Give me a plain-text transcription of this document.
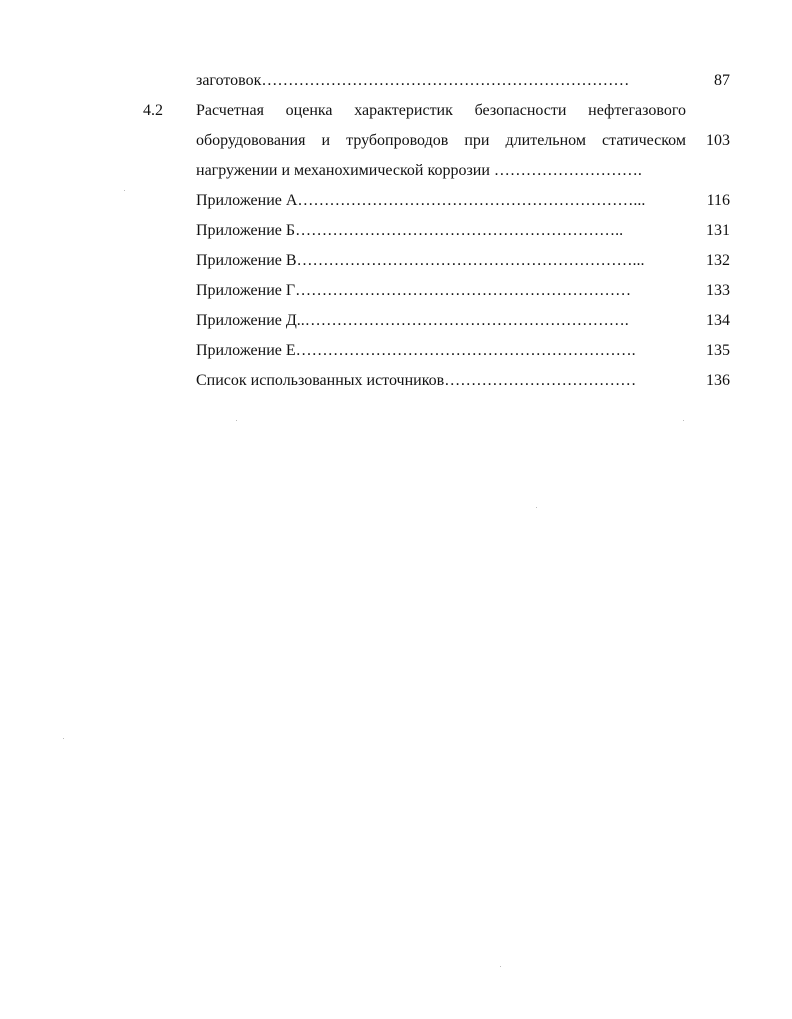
заготовок……………………………………………………………	87
4.2	Расчетная оценка характеристик безопасности нефтегазового
оборудовования и трубопроводов при длительном статическом	103
нагружении и механохимической коррозии ……………………….
Приложение А………………………………………………………...	116
Приложение Б……………………………………………………..	131
Приложение В………………………………………………………...	132
Приложение Г………………………………………………………	133
Приложение Д..…………………………………………………….	134
Приложение Е……………………………………………………….	135
Список использованных источников………………………………	136
